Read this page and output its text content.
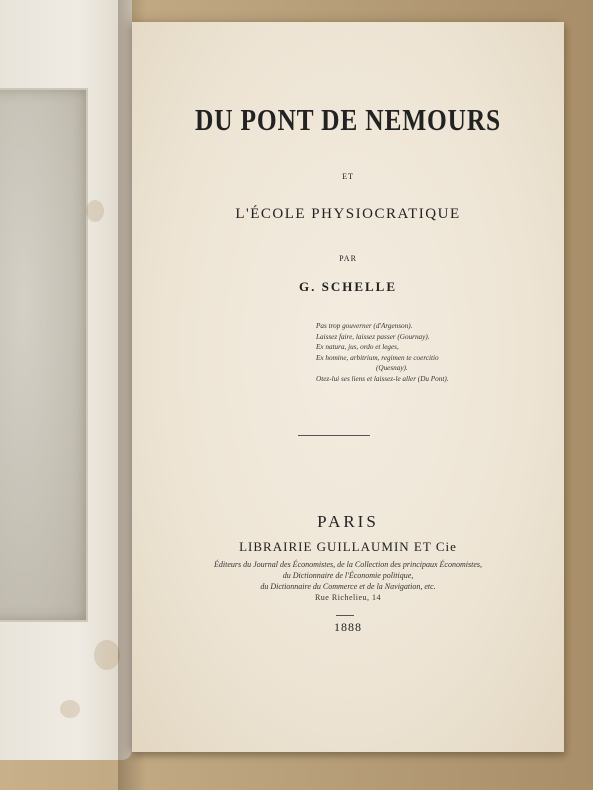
DU PONT DE NEMOURS
ET
L'ÉCOLE PHYSIOCRATIQUE
PAR
G. SCHELLE
Pas trop gouverner (d'Argenson).
Laissez faire, laissez passer (Gournay).
Ex natura, jus, ordo et leges,
Ex homine, arbitrium, regimen te coercitio
(Quesnay).
Otez-lui ses liens et laissez-le aller (Du Pont).
PARIS
LIBRAIRIE GUILLAUMIN ET Cie
Éditeurs du Journal des Économistes, de la Collection des principaux Économistes,
du Dictionnaire de l'Économie politique,
du Dictionnaire du Commerce et de la Navigation, etc.
Rue Richelieu, 14
1888
